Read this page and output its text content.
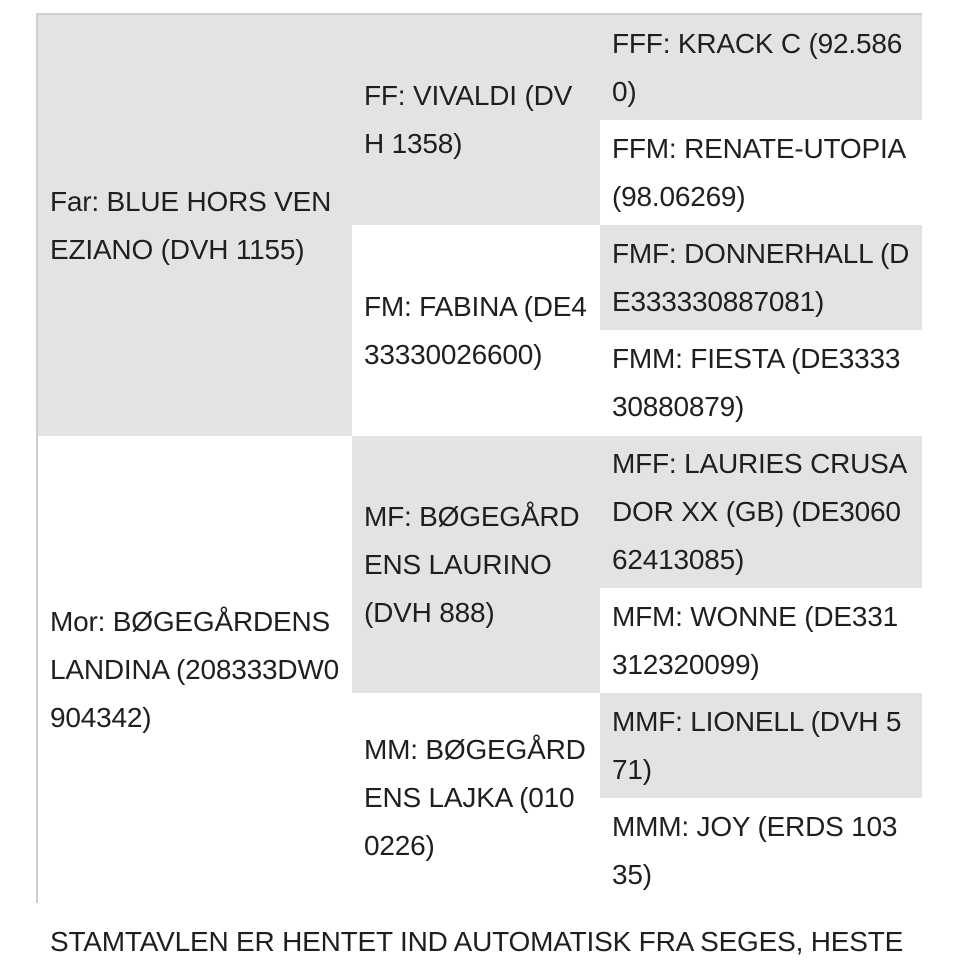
Far: BLUE HORS VENEZIANO (DVH 1155)
Mor: BØGEGÅRDENS LANDINA (208333DW0904342)
FF: VIVALDI (DVH 1358)
FM: FABINA (DE433330026600)
MF: BØGEGÅRDENS LAURINO (DVH 888)
MM: BØGEGÅRDENS LAJKA (0100226)
FFF: KRACK C (92.5860)
FFM: RENATE-UTOPIA (98.06269)
FMF: DONNERHALL (DE333330887081)
FMM: FIESTA (DE333330880879)
MFF: LAURIES CRUSADOR XX (GB) (DE306062413085)
MFM: WONNE (DE331312320099)
MMF: LIONELL (DVH 571)
MMM: JOY (ERDS 10335)
STAMTAVLEN ER HENTET IND AUTOMATISK FRA SEGES, HESTE
